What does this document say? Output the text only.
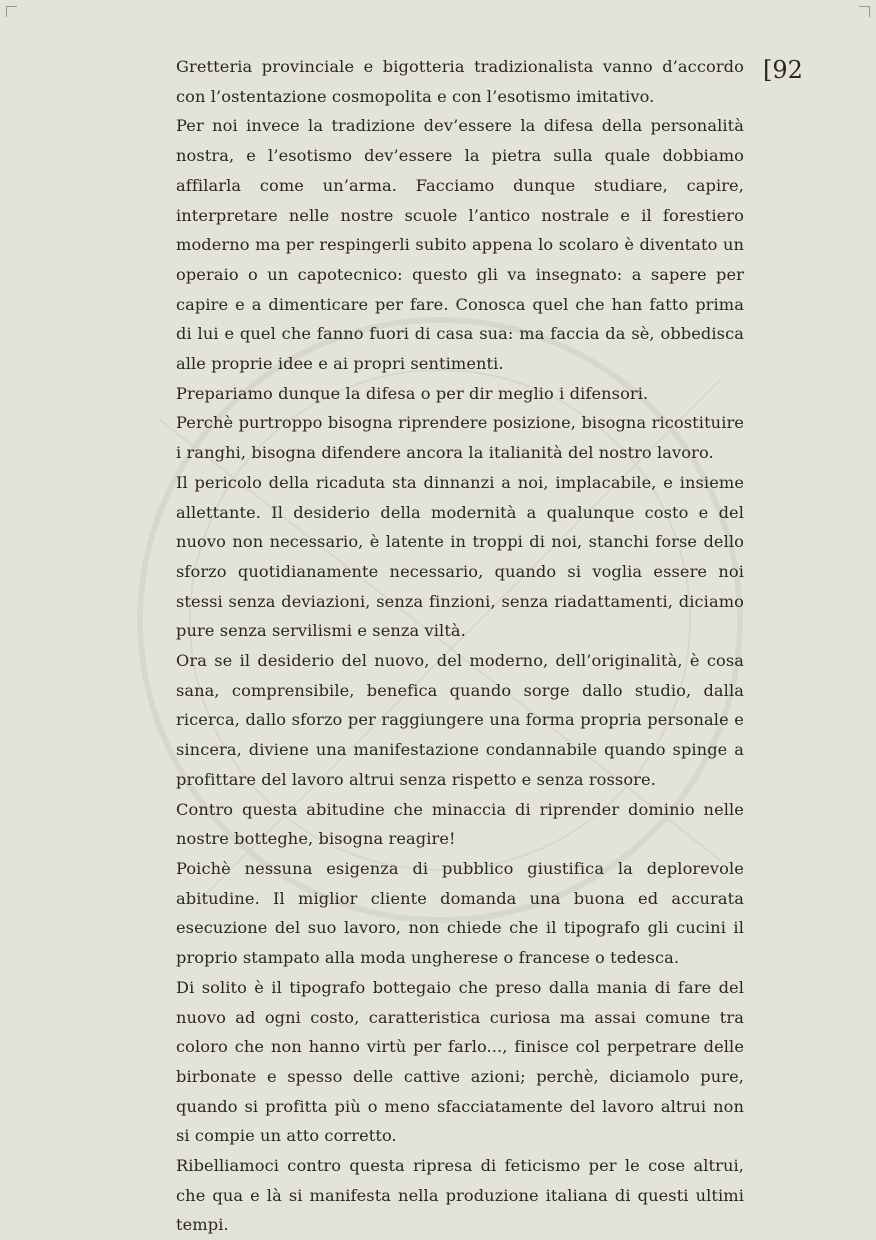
[92

Gretteria provinciale e bigotteria tradizionalista vanno d’accordo con l’ostentazione cosmopolita e con l’esotismo imitativo.

Per noi invece la tradizione dev’essere la difesa della personalità nostra, e l’esotismo dev’essere la pietra sulla quale dobbiamo affilarla come un’arma. Facciamo dunque studiare, capire, interpretare nelle nostre scuole l’antico nostrale e il forestiero moderno ma per respingerli subito appena lo scolaro è diventato un operaio o un capotecnico: questo gli va insegnato: a sapere per capire e a dimenticare per fare. Conosca quel che han fatto prima di lui e quel che fanno fuori di casa sua: ma faccia da sè, obbedisca alle proprie idee e ai propri sentimenti.

Prepariamo dunque la difesa o per dir meglio i difensori.

Perchè purtroppo bisogna riprendere posizione, bisogna ricostituire i ranghi, bisogna difendere ancora la italianità del nostro lavoro.

Il pericolo della ricaduta sta dinnanzi a noi, implacabile, e insieme allettante. Il desiderio della modernità a qualunque costo e del nuovo non necessario, è latente in troppi di noi, stanchi forse dello sforzo quotidianamente necessario, quando si voglia essere noi stessi senza deviazioni, senza finzioni, senza riadattamenti, diciamo pure senza servilismi e senza viltà.

Ora se il desiderio del nuovo, del moderno, dell’originalità, è cosa sana, comprensibile, benefica quando sorge dallo studio, dalla ricerca, dallo sforzo per raggiungere una forma propria personale e sincera, diviene una manifestazione condannabile quando spinge a profittare del lavoro altrui senza rispetto e senza rossore.

Contro questa abitudine che minaccia di riprender dominio nelle nostre botteghe, bisogna reagire!

Poichè nessuna esigenza di pubblico giustifica la deplorevole abitudine. Il miglior cliente domanda una buona ed accurata esecuzione del suo lavoro, non chiede che il tipografo gli cucini il proprio stampato alla moda ungherese o francese o tedesca.

Di solito è il tipografo bottegaio che preso dalla mania di fare del nuovo ad ogni costo, caratteristica curiosa ma assai comune tra coloro che non hanno virtù per farlo..., finisce col perpetrare delle birbonate e spesso delle cattive azioni; perchè, diciamolo pure, quando si profitta più o meno sfacciatamente del lavoro altrui non si compie un atto corretto.

Ribelliamoci contro questa ripresa di feticismo per le cose altrui, che qua e là si manifesta nella produzione italiana di questi ultimi tempi.
